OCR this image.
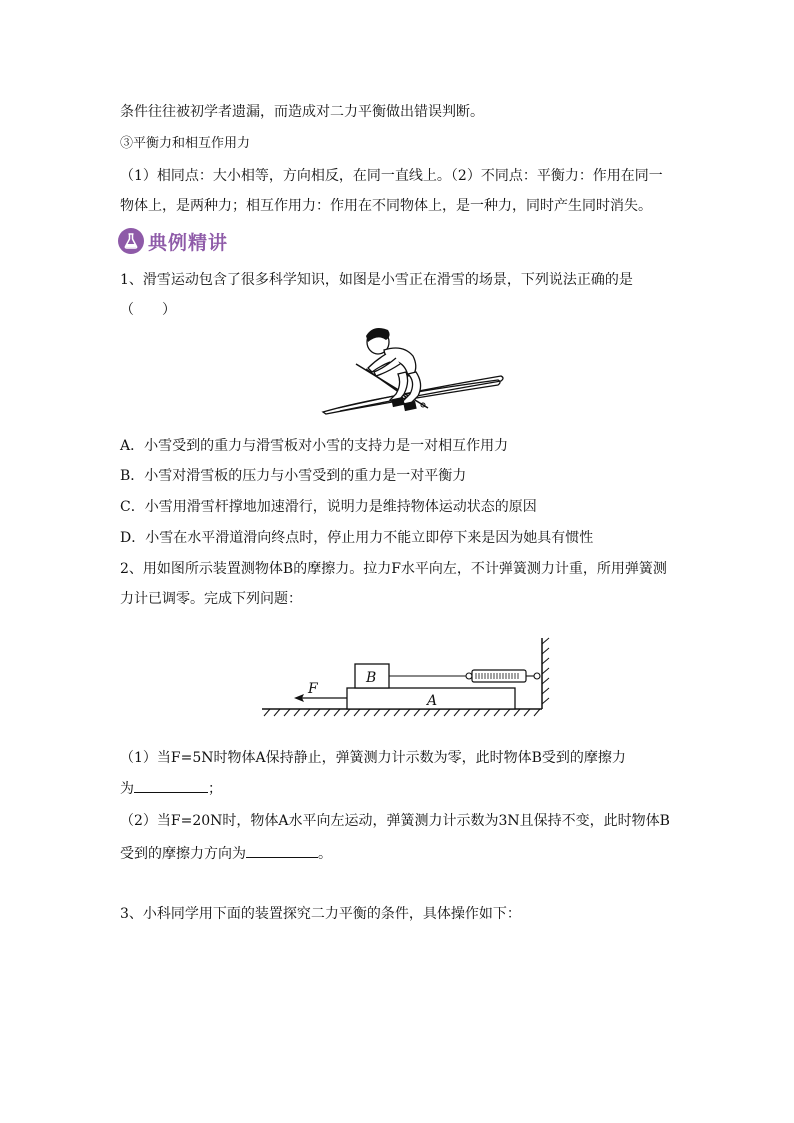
条件往往被初学者遗漏，而造成对二力平衡做出错误判断。
③平衡力和相互作用力
（1）相同点：大小相等，方向相反，在同一直线上。（2）不同点：平衡力：作用在同一
物体上，是两种力；相互作用力：作用在不同物体上，是一种力，同时产生同时消失。
典例精讲
1、滑雪运动包含了很多科学知识，如图是小雪正在滑雪的场景，下列说法正确的是
（　　）
A．小雪受到的重力与滑雪板对小雪的支持力是一对相互作用力
B．小雪对滑雪板的压力与小雪受到的重力是一对平衡力
C．小雪用滑雪杆撑地加速滑行，说明力是维持物体运动状态的原因
D．小雪在水平滑道滑向终点时，停止用力不能立即停下来是因为她具有惯性
2、用如图所示装置测物体B的摩擦力。拉力F水平向左，不计弹簧测力计重，所用弹簧测
力计已调零。完成下列问题：
B
A
F
（1）当F=5N时物体A保持静止，弹簧测力计示数为零，此时物体B受到的摩擦力
为	；
（2）当F=20N时，物体A水平向左运动，弹簧测力计示数为3N且保持不变，此时物体B
受到的摩擦力方向为	。
3、小科同学用下面的装置探究二力平衡的条件，具体操作如下：
